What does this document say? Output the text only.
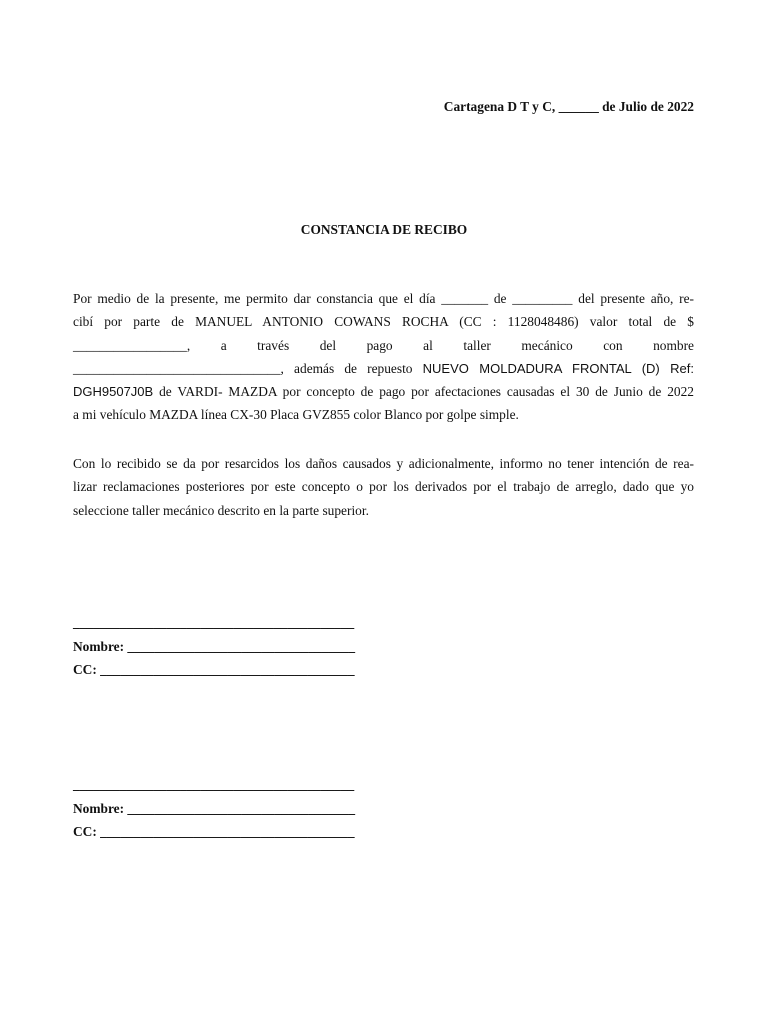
Cartagena D T y C, ______ de Julio de 2022
CONSTANCIA DE RECIBO
Por medio de la presente, me permito dar constancia que el día _______ de _________ del presente año, re-
cibí por parte de MANUEL ANTONIO COWANS ROCHA (CC : 1128048486) valor total de $
_________________, a través del pago al taller mecánico con nombre
_______________________________, además de repuesto NUEVO MOLDADURA FRONTAL (D) Ref:
DGH9507J0B de VARDI- MAZDA por concepto de pago por afectaciones causadas el 30 de Junio de 2022
a mi vehículo MAZDA línea CX-30 Placa GVZ855 color Blanco por golpe simple.
Con lo recibido se da por resarcidos los daños causados y adicionalmente, informo no tener intención de rea-
lizar reclamaciones posteriores por este concepto o por los derivados por el trabajo de arreglo, dado que yo
seleccione taller mecánico descrito en la parte superior.
__________________________________________
Nombre: __________________________________
CC: ______________________________________
__________________________________________
Nombre: __________________________________
CC: ______________________________________
